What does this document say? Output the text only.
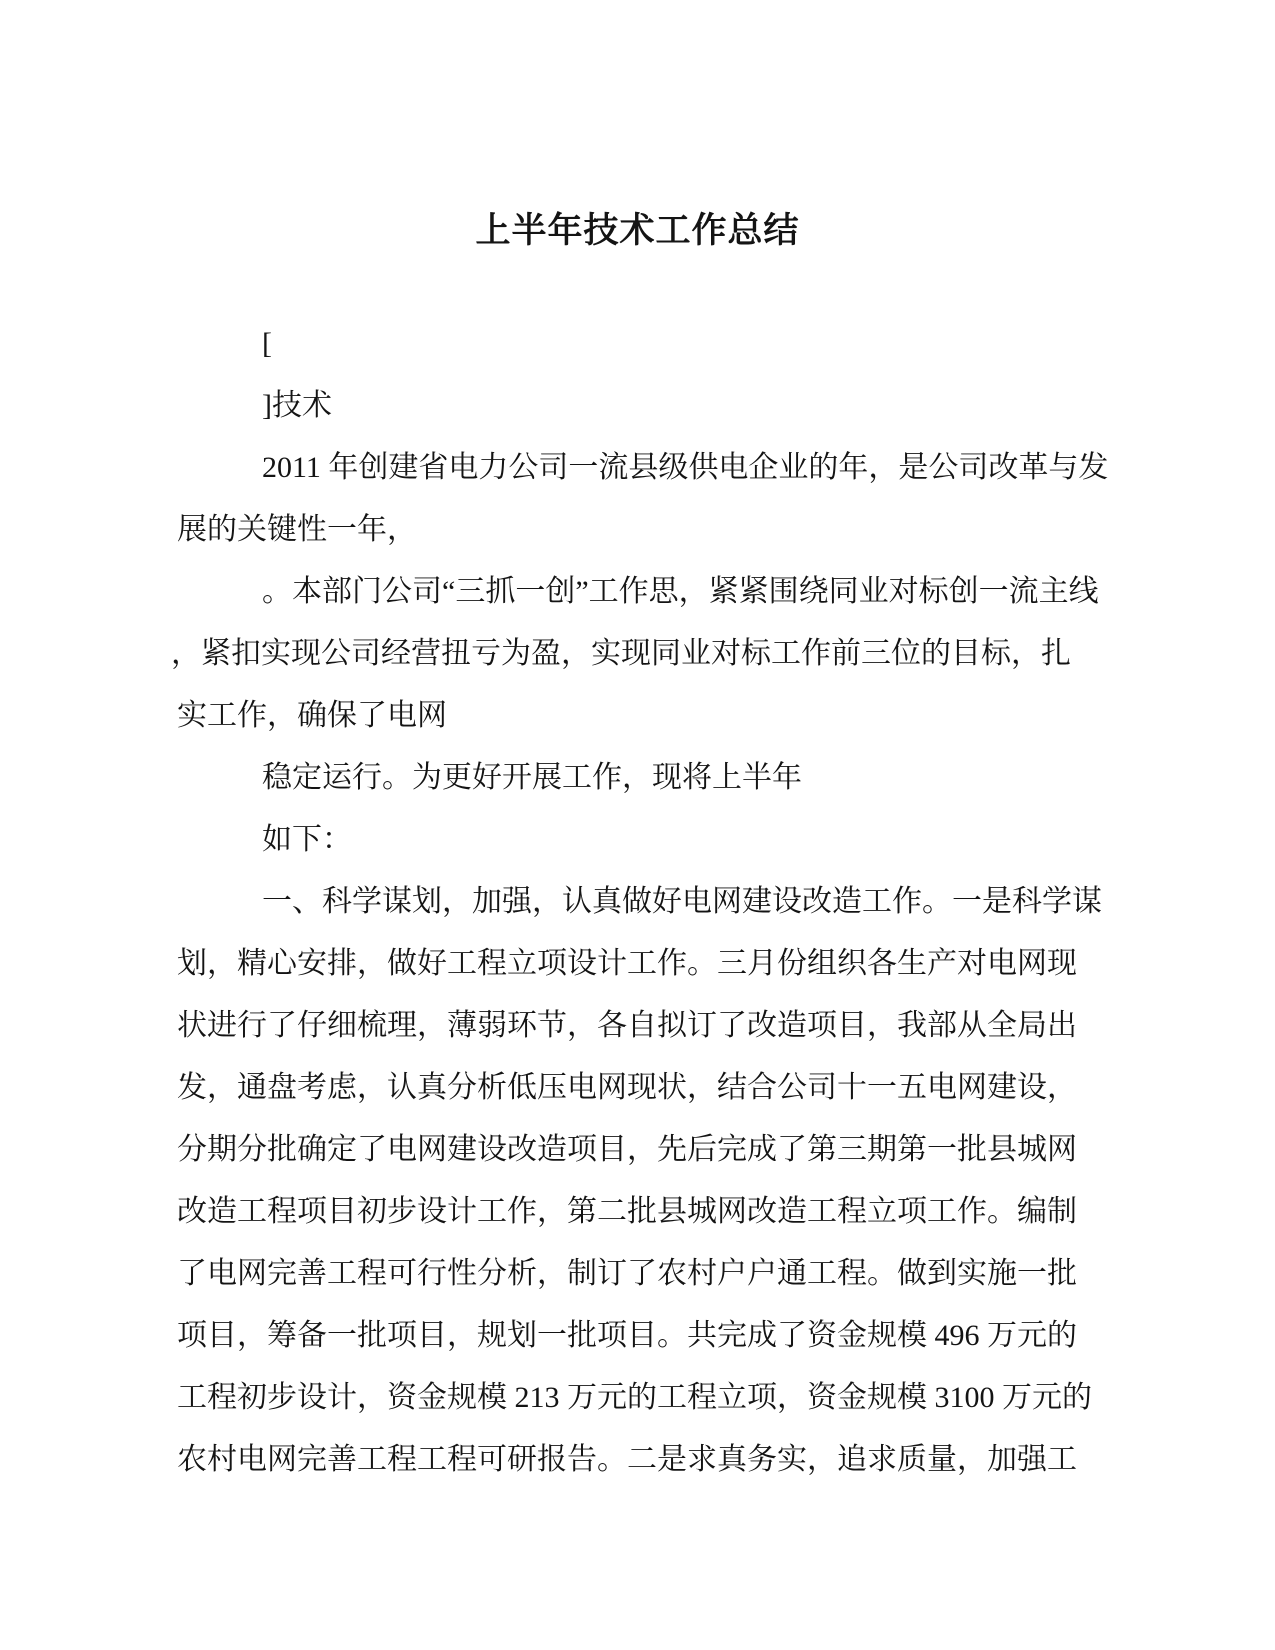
上半年技术工作总结
[
]技术
2011 年创建省电力公司一流县级供电企业的年，是公司改革与发
展的关键性一年，
。本部门公司“三抓一创”工作思，紧紧围绕同业对标创一流主线
，紧扣实现公司经营扭亏为盈，实现同业对标工作前三位的目标，扎
实工作，确保了电网
稳定运行。为更好开展工作，现将上半年
如下：
一、科学谋划，加强，认真做好电网建设改造工作。一是科学谋
划，精心安排，做好工程立项设计工作。三月份组织各生产对电网现
状进行了仔细梳理，薄弱环节，各自拟订了改造项目，我部从全局出
发，通盘考虑，认真分析低压电网现状，结合公司十一五电网建设，
分期分批确定了电网建设改造项目，先后完成了第三期第一批县城网
改造工程项目初步设计工作，第二批县城网改造工程立项工作。编制
了电网完善工程可行性分析，制订了农村户户通工程。做到实施一批
项目，筹备一批项目，规划一批项目。共完成了资金规模 496 万元的
工程初步设计，资金规模 213 万元的工程立项，资金规模 3100 万元的
农村电网完善工程工程可研报告。二是求真务实，追求质量，加强工
